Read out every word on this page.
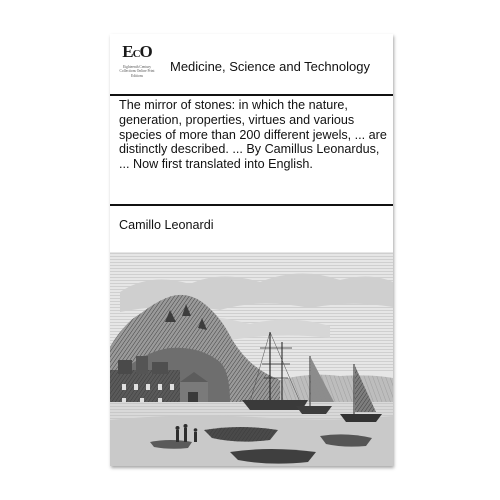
ECO
Eighteenth Century Collections Online Print Editions
Medicine, Science and Technology
The mirror of stones: in which the nature, generation, properties, virtues and various species of more than 200 different jewels, ... are distinctly described. ... By Camillus Leonardus, ... Now first translated into English.
Camillo Leonardi
